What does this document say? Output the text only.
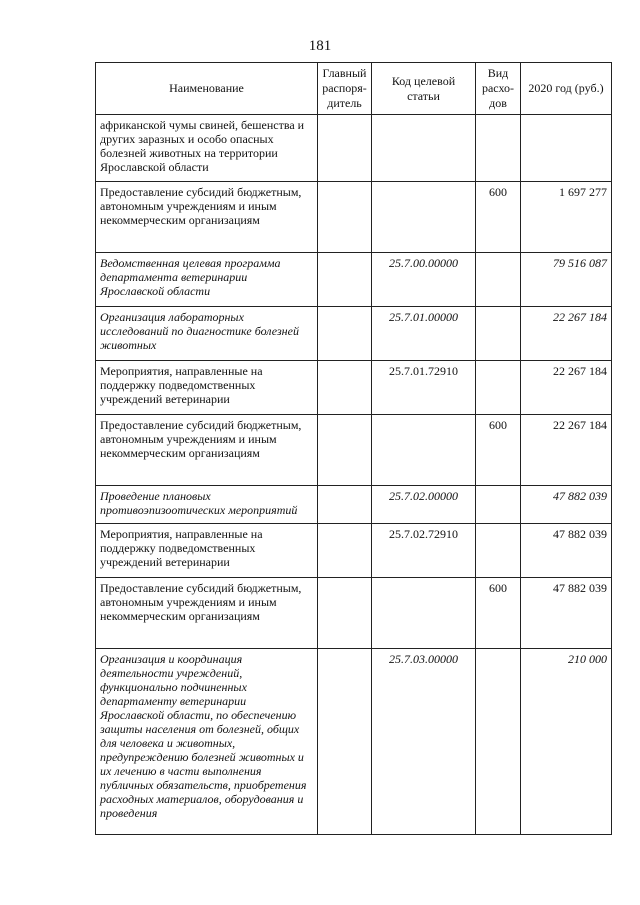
181
Наименование	Главный распоря-дитель	Код целевой статьи	Вид расхо-дов	2020 год (руб.)
африканской чумы свиней, бешенства и других заразных и особо опасных болезней животных на территории Ярославской области				
Предоставление субсидий бюджетным, автономным учреждениям и иным некоммерческим организациям			600	1 697 277
Ведомственная целевая программа департамента ветеринарии Ярославской области		25.7.00.00000		79 516 087
Организация лабораторных исследований по диагностике болезней животных		25.7.01.00000		22 267 184
Мероприятия, направленные на поддержку подведомственных учреждений ветеринарии		25.7.01.72910		22 267 184
Предоставление субсидий бюджетным, автономным учреждениям и иным некоммерческим организациям			600	22 267 184
Проведение плановых противоэпизоотических мероприятий		25.7.02.00000		47 882 039
Мероприятия, направленные на поддержку подведомственных учреждений ветеринарии		25.7.02.72910		47 882 039
Предоставление субсидий бюджетным, автономным учреждениям и иным некоммерческим организациям			600	47 882 039
Организация и координация деятельности учреждений, функционально подчиненных департаменту ветеринарии Ярославской области, по обеспечению защиты населения от болезней, общих для человека и животных, предупреждению болезней животных и их лечению в части выполнения публичных обязательств, приобретения расходных материалов, оборудования и проведения		25.7.03.00000		210 000
